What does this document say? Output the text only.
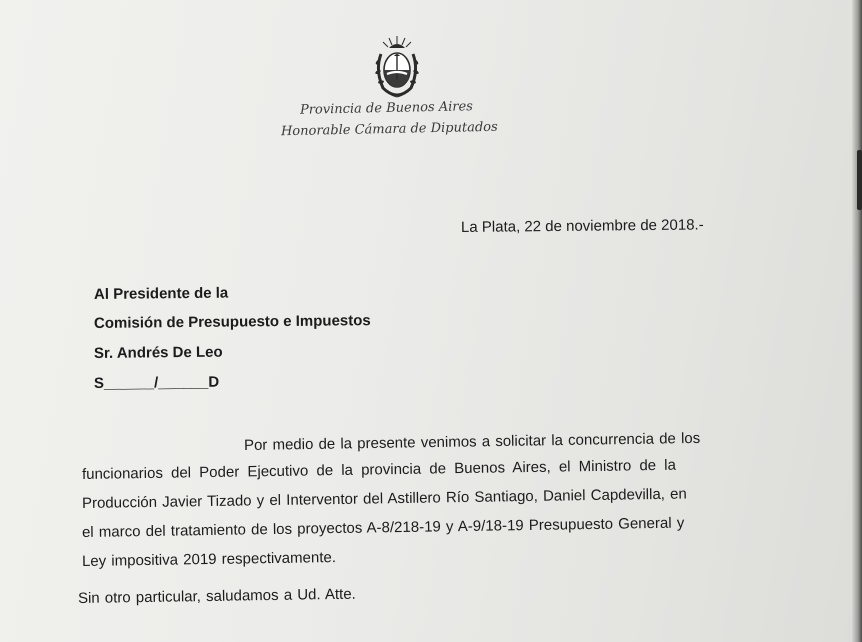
Provincia de Buenos Aires
Honorable Cámara de Diputados
La Plata, 22 de noviembre de 2018.-
Al Presidente de la
Comisión de Presupuesto e Impuestos
Sr. Andrés De Leo
S______/______D
Por medio de la presente venimos a solicitar la concurrencia de los
funcionarios del Poder Ejecutivo de la provincia de Buenos Aires, el Ministro de la
Producción Javier Tizado y el Interventor del Astillero Río Santiago, Daniel Capdevilla, en
el marco del tratamiento de los proyectos A-8/218-19 y A-9/18-19 Presupuesto General y
Ley impositiva 2019 respectivamente.
Sin otro particular, saludamos a Ud. Atte.
